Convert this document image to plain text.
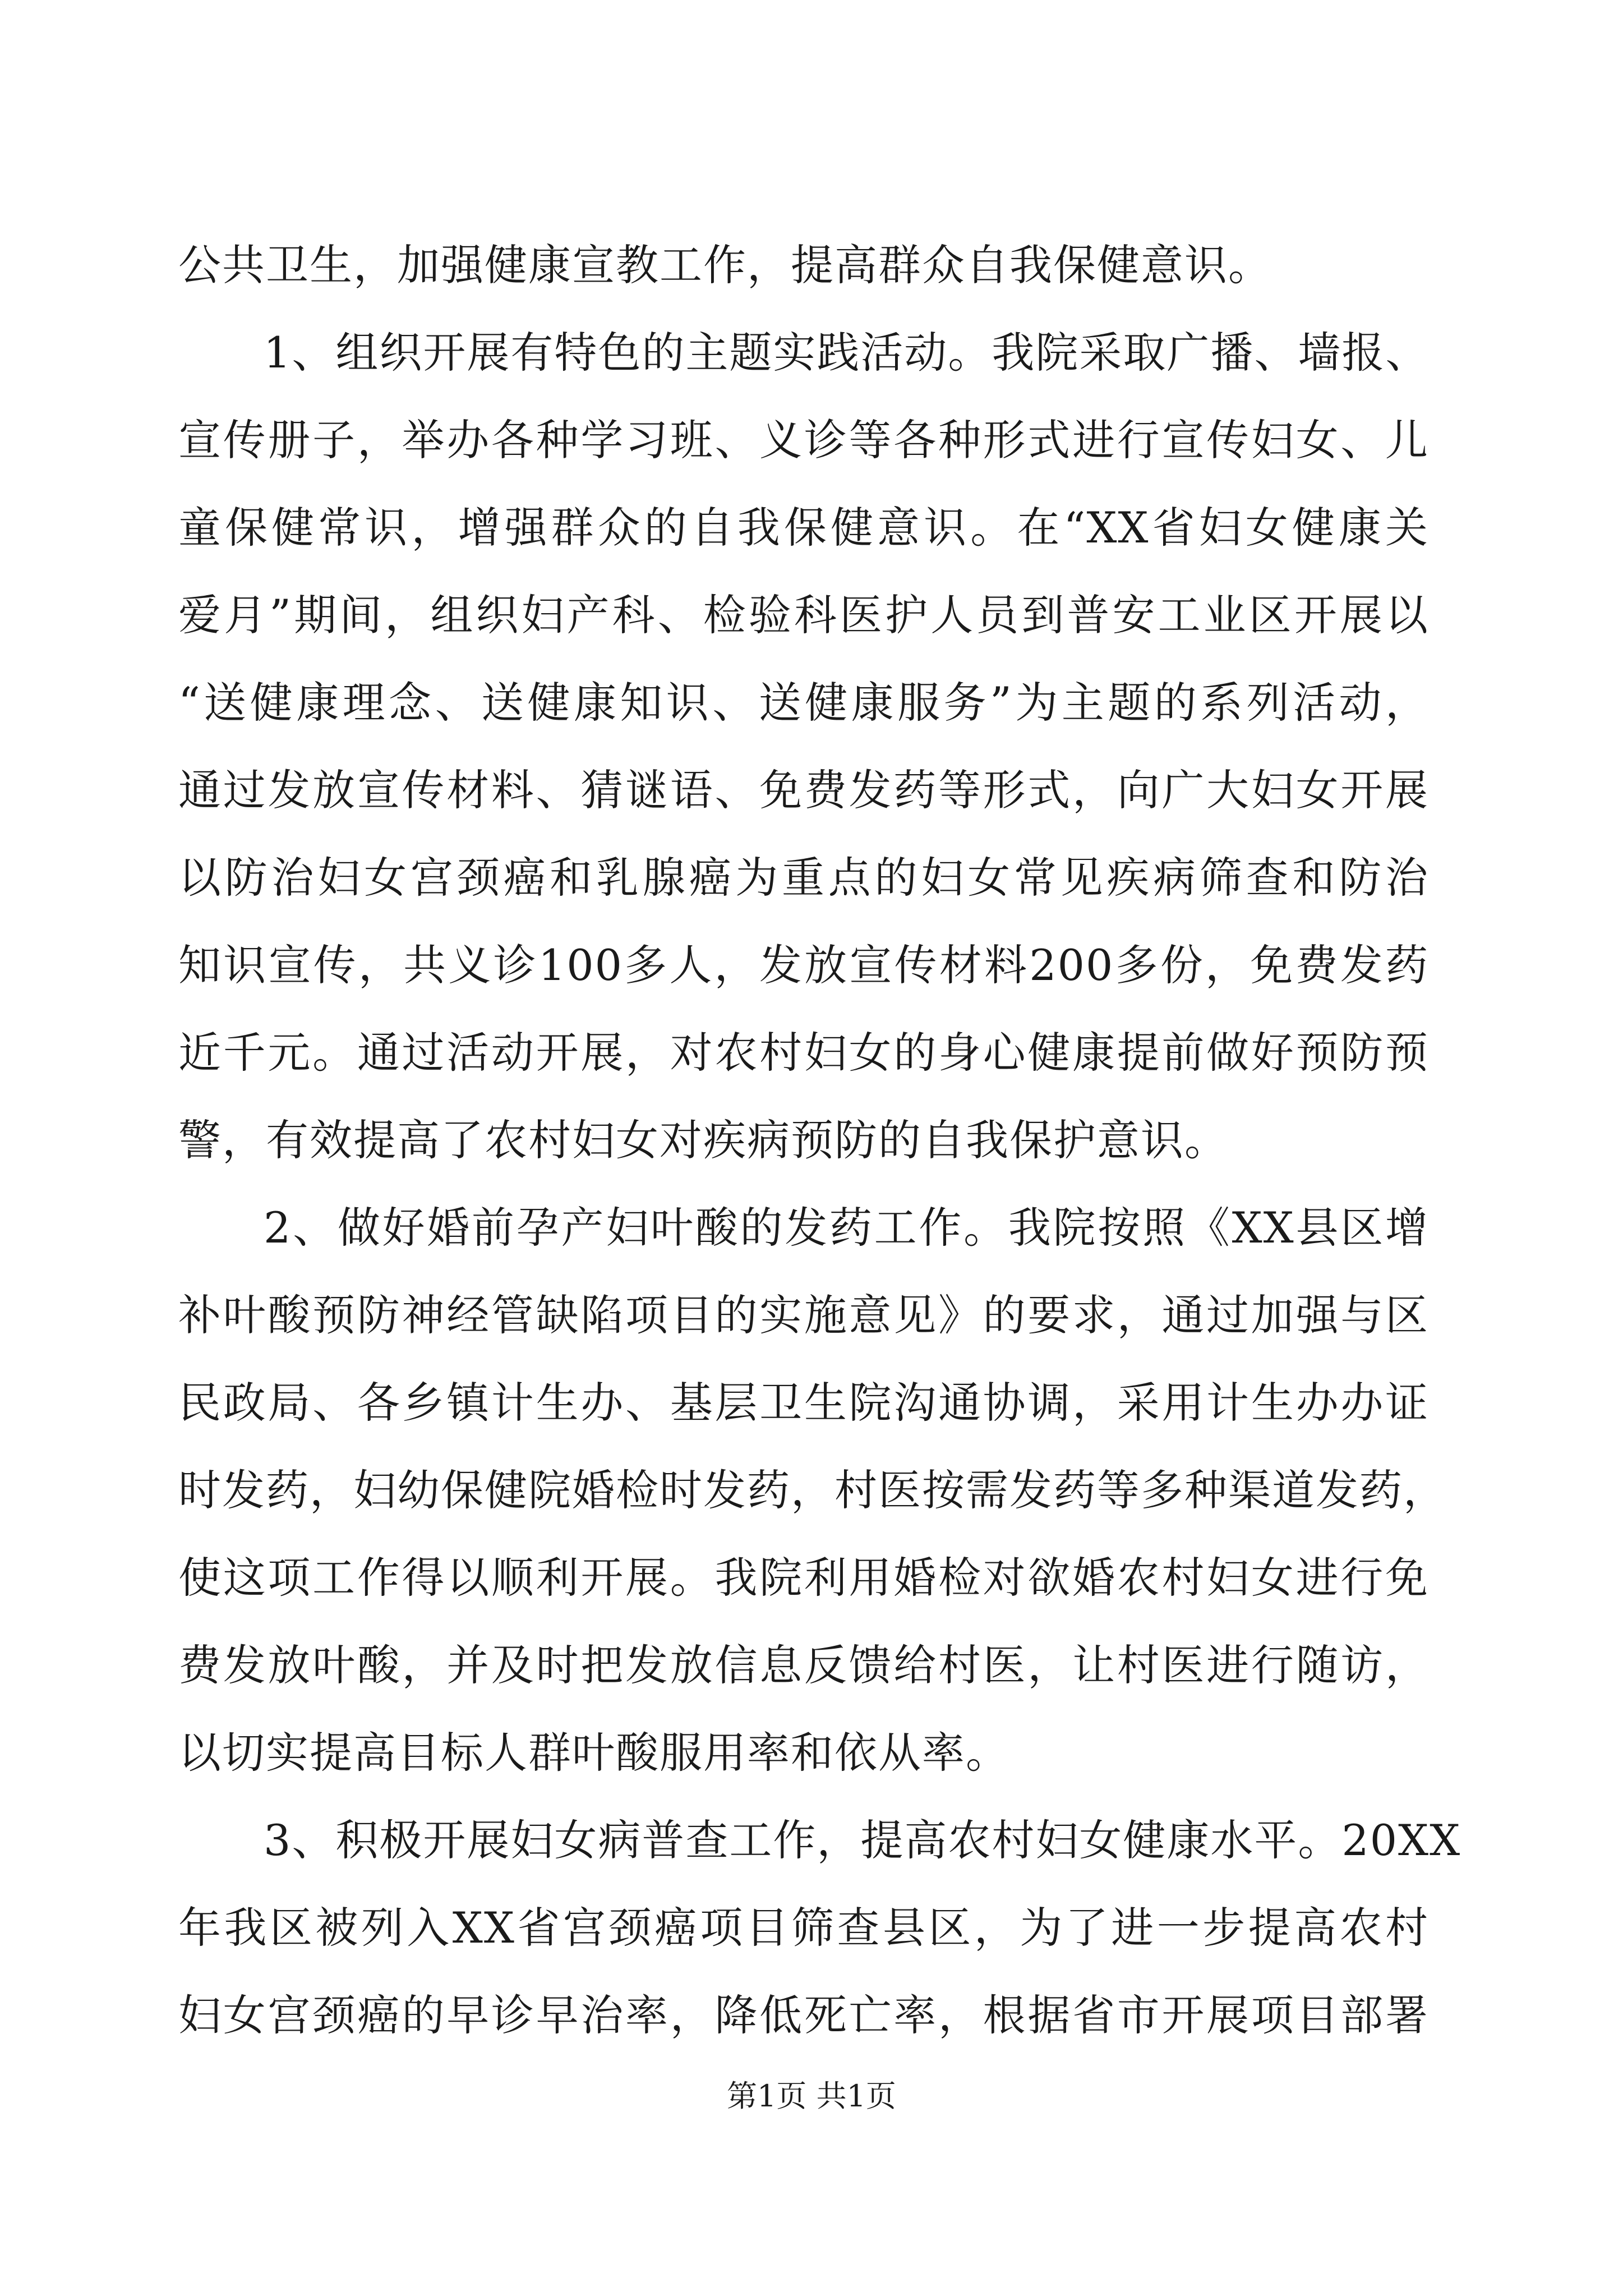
公共卫生，加强健康宣教工作，提高群众自我保健意识。
1、组织开展有特色的主题实践活动。我院采取广播、墙报、
宣传册子，举办各种学习班、义诊等各种形式进行宣传妇女、儿
童保健常识，增强群众的自我保健意识。在“XX省妇女健康关
爱月”期间，组织妇产科、检验科医护人员到普安工业区开展以
“送健康理念、送健康知识、送健康服务”为主题的系列活动，
通过发放宣传材料、猜谜语、免费发药等形式，向广大妇女开展
以防治妇女宫颈癌和乳腺癌为重点的妇女常见疾病筛查和防治
知识宣传，共义诊100多人，发放宣传材料200多份，免费发药
近千元。通过活动开展，对农村妇女的身心健康提前做好预防预
警，有效提高了农村妇女对疾病预防的自我保护意识。
2、做好婚前孕产妇叶酸的发药工作。我院按照《XX县区增
补叶酸预防神经管缺陷项目的实施意见》的要求，通过加强与区
民政局、各乡镇计生办、基层卫生院沟通协调，采用计生办办证
时发药，妇幼保健院婚检时发药，村医按需发药等多种渠道发药，
使这项工作得以顺利开展。我院利用婚检对欲婚农村妇女进行免
费发放叶酸，并及时把发放信息反馈给村医，让村医进行随访，
以切实提高目标人群叶酸服用率和依从率。
3、积极开展妇女病普查工作，提高农村妇女健康水平。20XX
年我区被列入XX省宫颈癌项目筛查县区，为了进一步提高农村
妇女宫颈癌的早诊早治率，降低死亡率，根据省市开展项目部署
第1页 共1页
